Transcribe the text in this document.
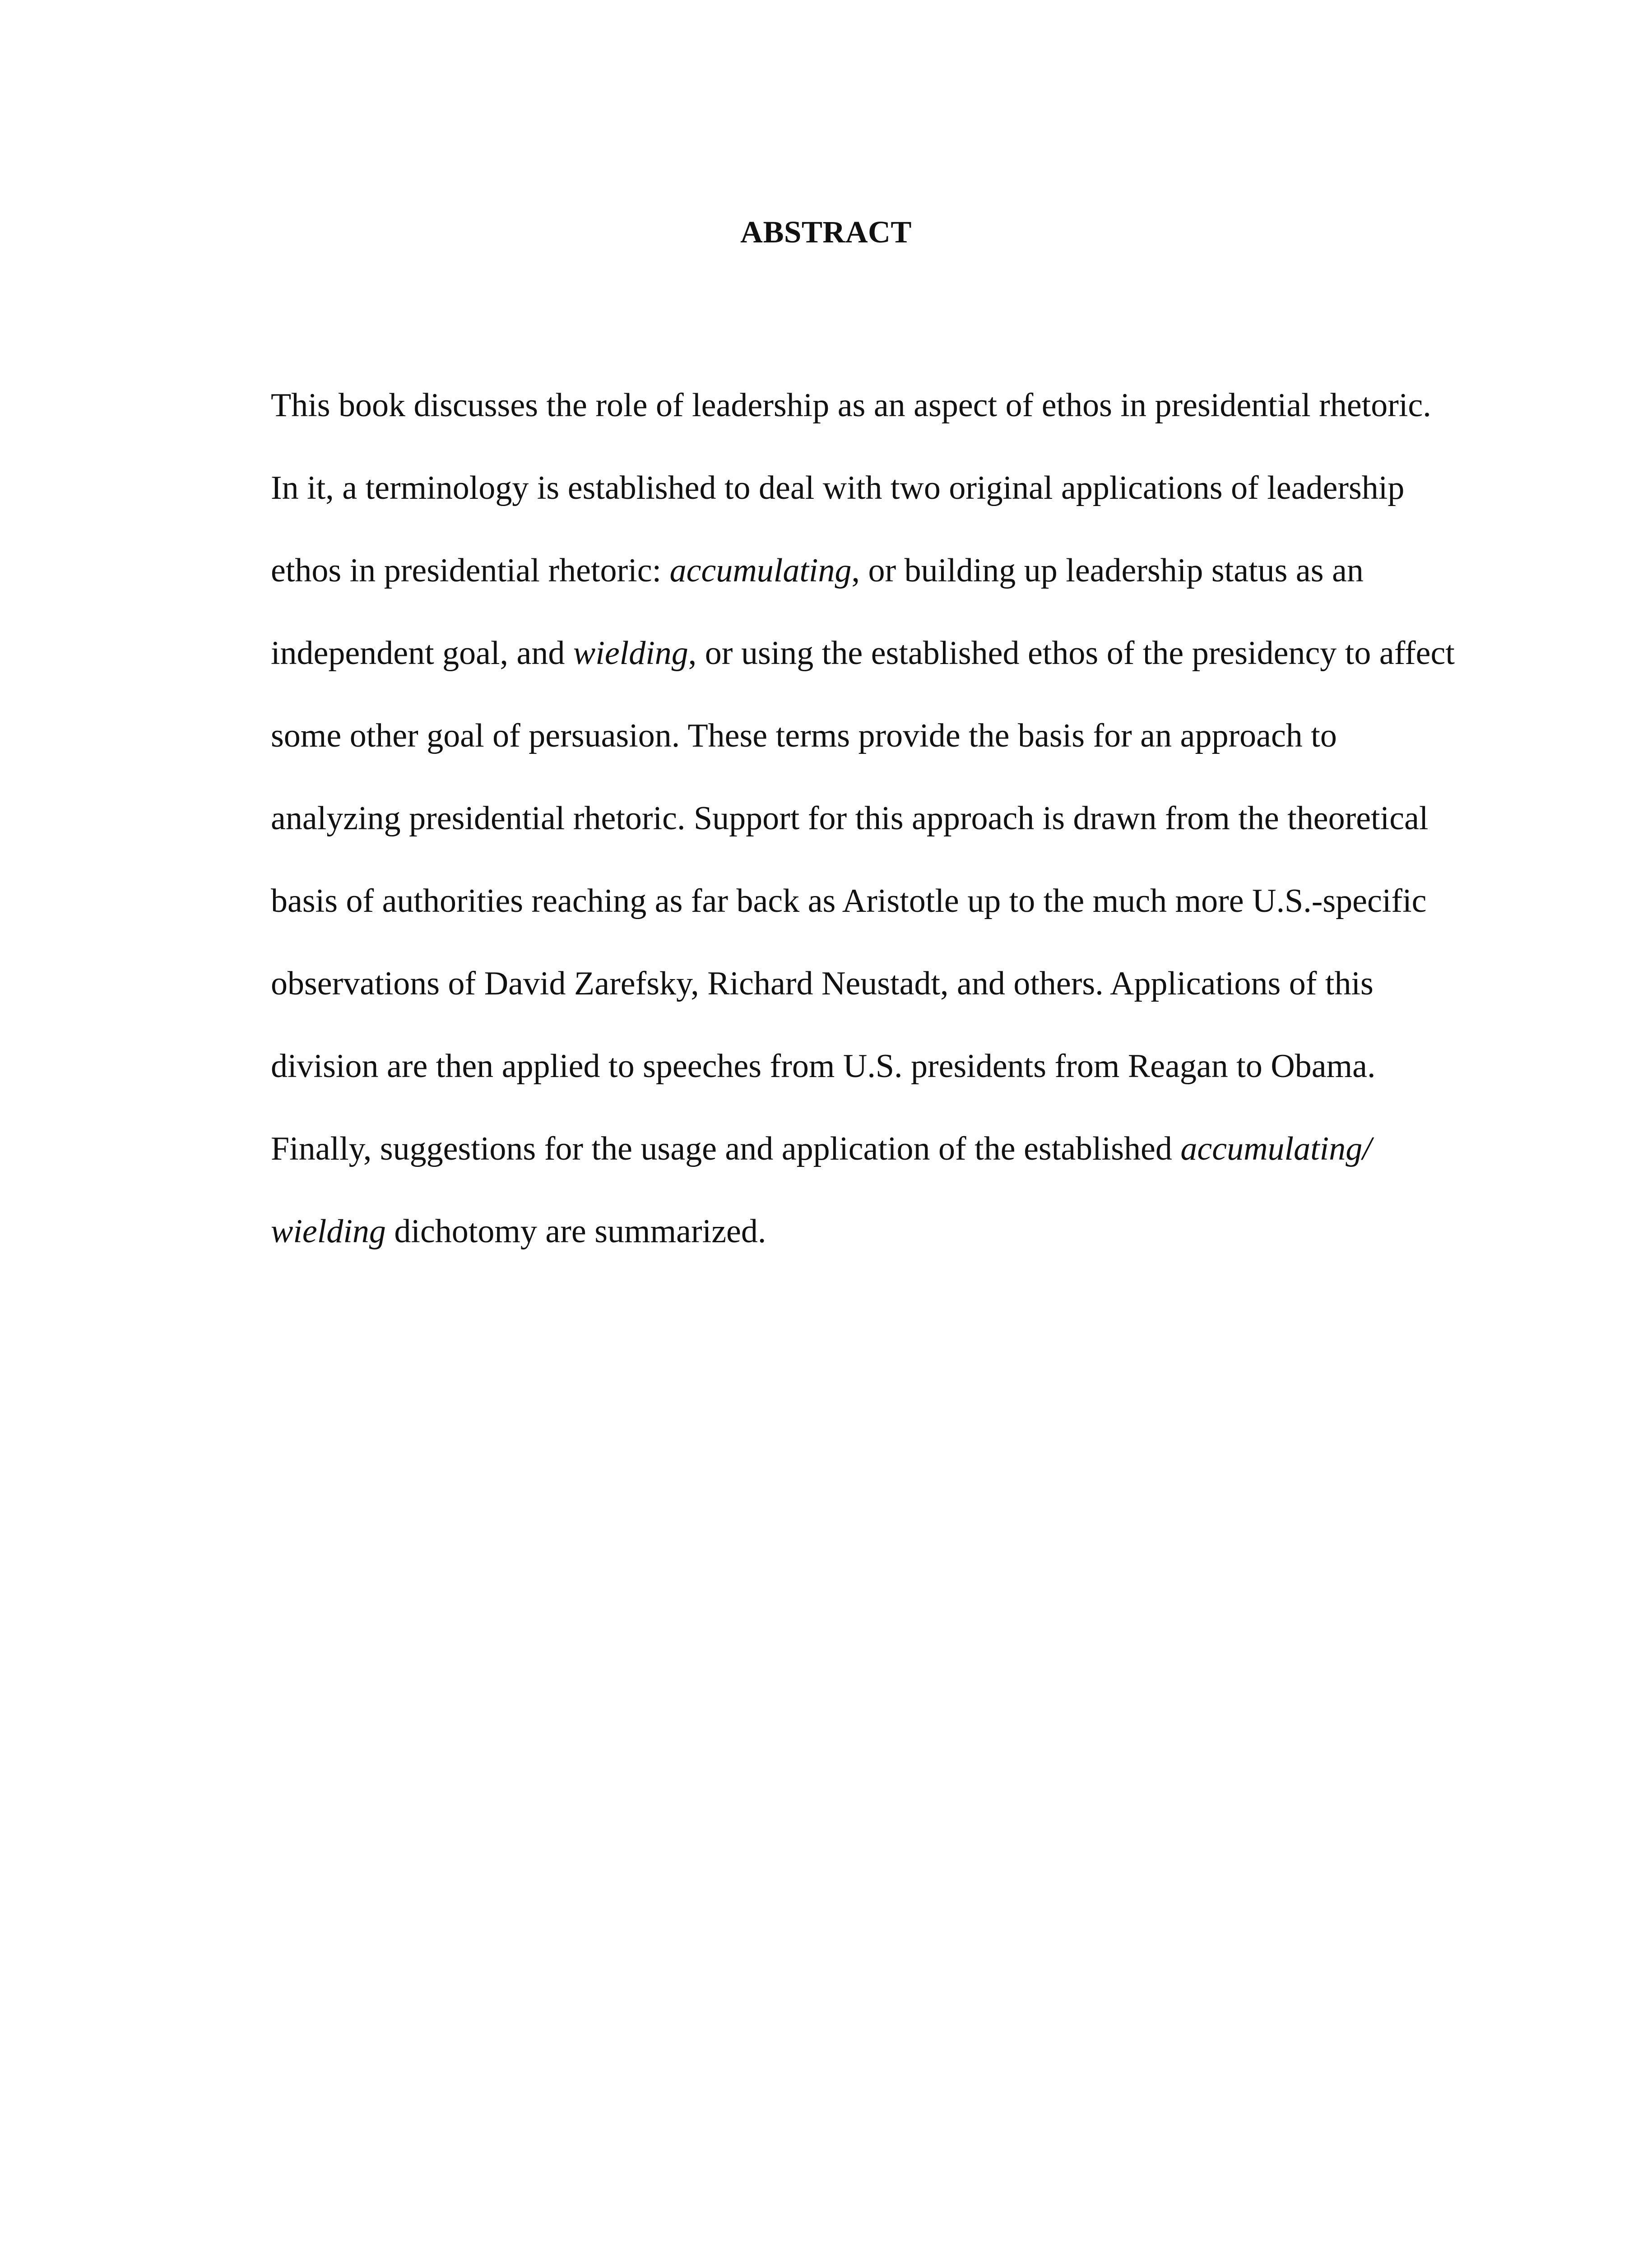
ABSTRACT

This book discusses the role of leadership as an aspect of ethos in presidential rhetoric.

In it, a terminology is established to deal with two original applications of leadership

ethos in presidential rhetoric: accumulating, or building up leadership status as an

independent goal, and wielding, or using the established ethos of the presidency to affect

some other goal of persuasion. These terms provide the basis for an approach to

analyzing presidential rhetoric. Support for this approach is drawn from the theoretical

basis of authorities reaching as far back as Aristotle up to the much more U.S.-specific

observations of David Zarefsky, Richard Neustadt, and others. Applications of this

division are then applied to speeches from U.S. presidents from Reagan to Obama.

Finally, suggestions for the usage and application of the established accumulating/

wielding dichotomy are summarized.
